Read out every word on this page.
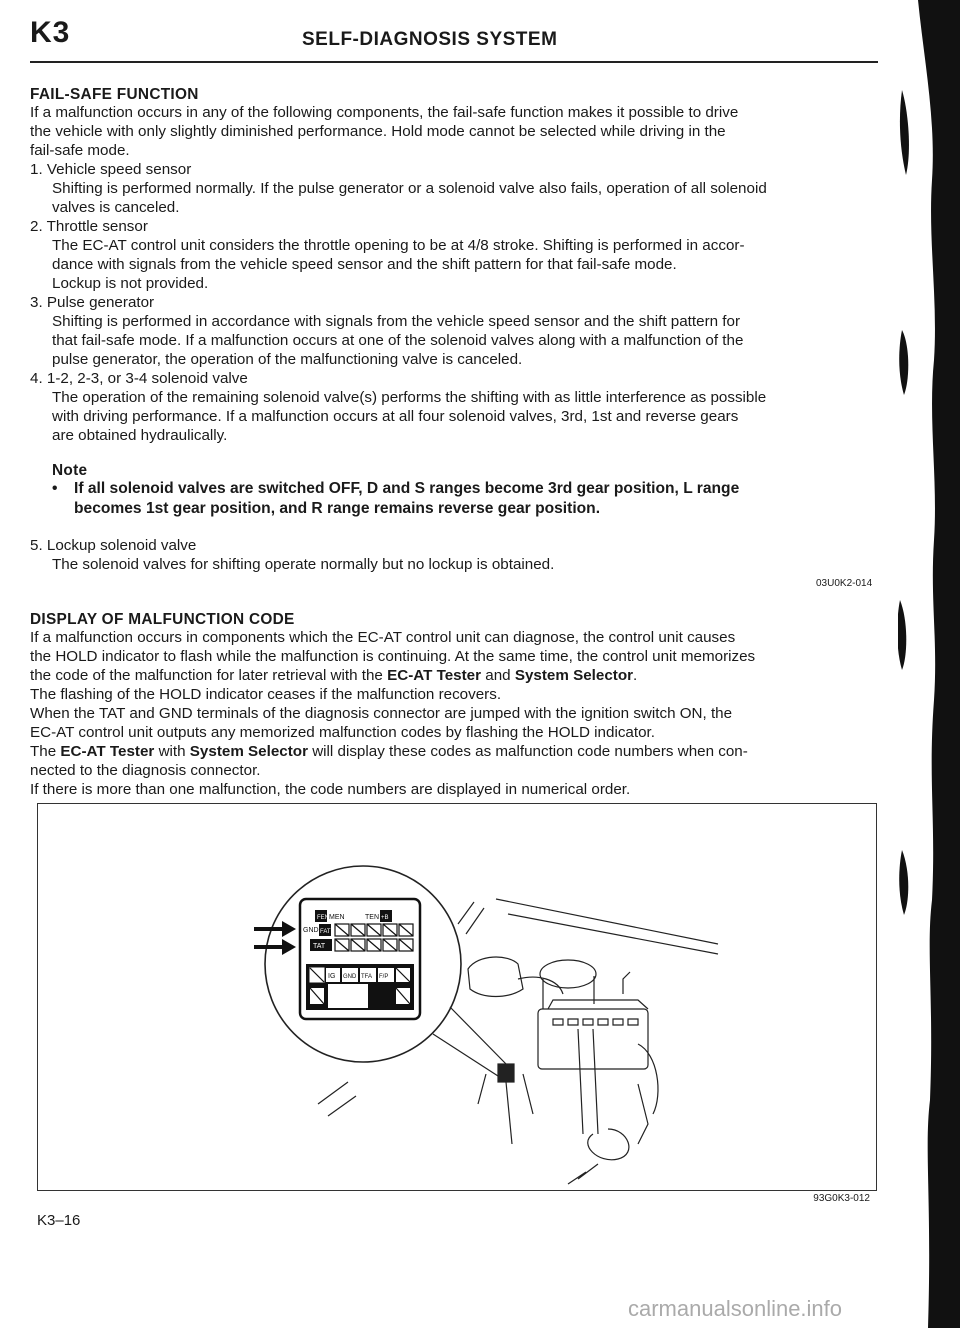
K3	SELF-DIAGNOSIS SYSTEM
FAIL-SAFE FUNCTION
If a malfunction occurs in any of the following components, the fail-safe function makes it possible to drive
the vehicle with only slightly diminished performance. Hold mode cannot be selected while driving in the
fail-safe mode.
1. Vehicle speed sensor
Shifting is performed normally. If the pulse generator or a solenoid valve also fails, operation of all solenoid
valves is canceled.
2. Throttle sensor
The EC-AT control unit considers the throttle opening to be at 4/8 stroke. Shifting is performed in accor-
dance with signals from the vehicle speed sensor and the shift pattern for that fail-safe mode.
Lockup is not provided.
3. Pulse generator
Shifting is performed in accordance with signals from the vehicle speed sensor and the shift pattern for
that fail-safe mode. If a malfunction occurs at one of the solenoid valves along with a malfunction of the
pulse generator, the operation of the malfunctioning valve is canceled.
4. 1-2, 2-3, or 3-4 solenoid valve
The operation of the remaining solenoid valve(s) performs the shifting with as little interference as possible
with driving performance. If a malfunction occurs at all four solenoid valves, 3rd, 1st and reverse gears
are obtained hydraulically.
Note
• If all solenoid valves are switched OFF, D and S ranges become 3rd gear position, L range
becomes 1st gear position, and R range remains reverse gear position.
5. Lockup solenoid valve
The solenoid valves for shifting operate normally but no lockup is obtained.
03U0K2-014
DISPLAY OF MALFUNCTION CODE
If a malfunction occurs in components which the EC-AT control unit can diagnose, the control unit causes
the HOLD indicator to flash while the malfunction is continuing. At the same time, the control unit memorizes
the code of the malfunction for later retrieval with the EC-AT Tester and System Selector.
The flashing of the HOLD indicator ceases if the malfunction recovers.
When the TAT and GND terminals of the diagnosis connector are jumped with the ignition switch ON, the
EC-AT control unit outputs any memorized malfunction codes by flashing the HOLD indicator.
The EC-AT Tester with System Selector will display these codes as malfunction code numbers when con-
nected to the diagnosis connector.
If there is more than one malfunction, the code numbers are displayed in numerical order.
FEN MEN	TEN +B
GND FAT
TAT
IG GND TFA F/P
93G0K3-012
K3–16
carmanualsonline.info
